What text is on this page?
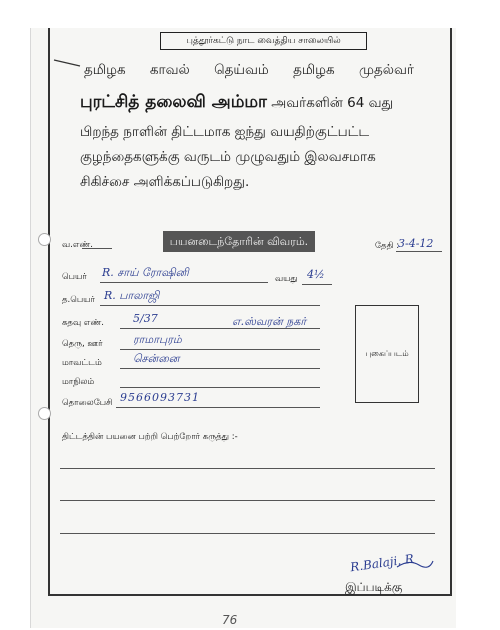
புத்தூர்கட்டு நாட வைத்திய சாலையில்
தமிழக காவல் தெய்வம் தமிழக முதல்வர்
புரட்சித் தலைவி அம்மா அவர்களின் 64 வது
பிறந்த நாளின் திட்டமாக ஐந்து வயதிற்குட்பட்ட
குழந்தைகளுக்கு வருடம் முழுவதும் இலவசமாக
சிகிச்சை அளிக்கப்படுகிறது.
வ.எண்.	பயனடைந்தோரின் விவரம்.	தேதி :
3-4-12
பெயர் R. சாய் ரோஷினி	வயது 4½
த.பெயர் R. பாலாஜி
கதவு எண்.	5/37	எ.ஸ்வரன் நகர்
தெரு, ஊர்	ராமாபுரம்
மாவட்டம்	சென்னை
மாநிலம்
தொலைபேசி 9566093731
புகைப்படம்
திட்டத்தின் பயனை பற்றி பெற்றோர் கருத்து :-
R.Balaji. R
இப்படிக்கு
76
